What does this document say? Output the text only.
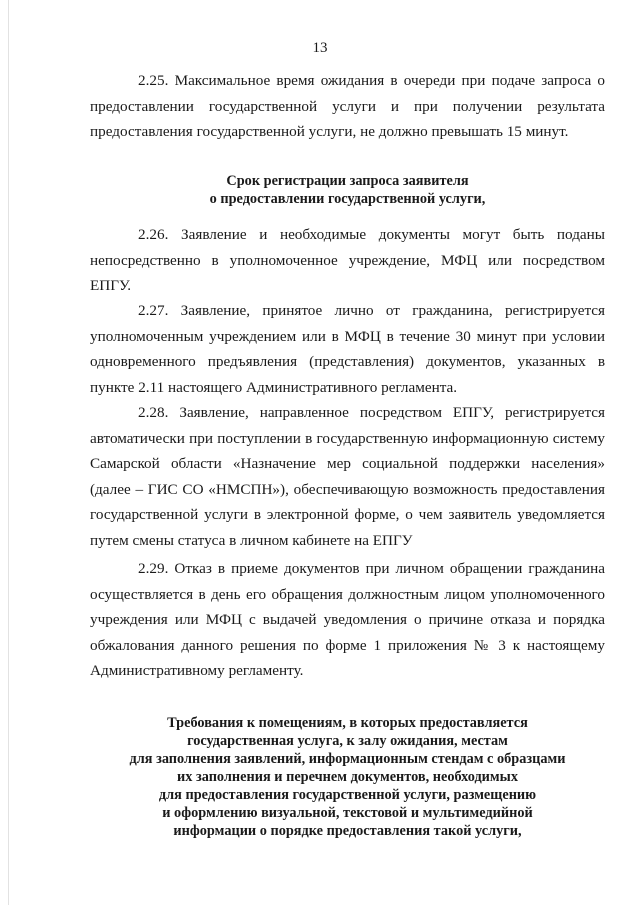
13

2.25. Максимальное время ожидания в очереди при подаче запроса о предоставлении государственной услуги и при получении результата предоставления государственной услуги, не должно превышать 15 минут.

Срок регистрации запроса заявителя
о предоставлении государственной услуги,

2.26. Заявление и необходимые документы могут быть поданы непосредственно в уполномоченное учреждение, МФЦ или посредством ЕПГУ.

2.27. Заявление, принятое лично от гражданина, регистрируется уполномоченным учреждением или в МФЦ в течение 30 минут при условии одновременного предъявления (представления) документов, указанных в пункте 2.11 настоящего Административного регламента.

2.28. Заявление, направленное посредством ЕПГУ, регистрируется автоматически при поступлении в государственную информационную систему Самарской области «Назначение мер социальной поддержки населения» (далее – ГИС СО «НМСПН»), обеспечивающую возможность предоставления государственной услуги в электронной форме, о чем заявитель уведомляется путем смены статуса в личном кабинете на ЕПГУ

2.29. Отказ в приеме документов при личном обращении гражданина осуществляется в день его обращения должностным лицом уполномоченного учреждения или МФЦ с выдачей уведомления о причине отказа и порядка обжалования данного решения по форме 1 приложения № 3 к настоящему Административному регламенту.

Требования к помещениям, в которых предоставляется
государственная услуга, к залу ожидания, местам
для заполнения заявлений, информационным стендам с образцами
их заполнения и перечнем документов, необходимых
для предоставления государственной услуги, размещению
и оформлению визуальной, текстовой и мультимедийной
информации о порядке предоставления такой услуги,
